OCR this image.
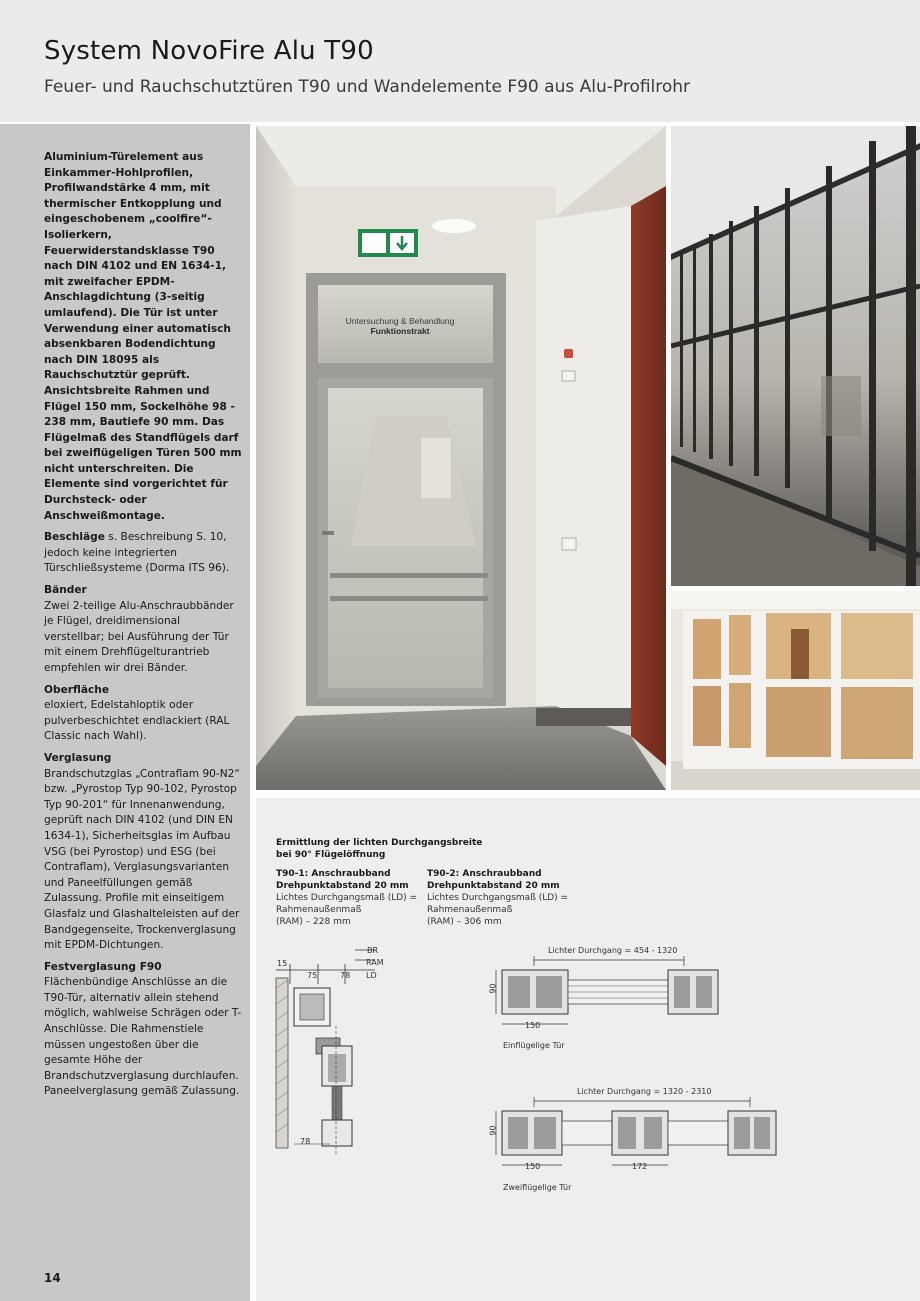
System NovoFire Alu T90
Feuer- und Rauchschutztüren T90 und Wandelemente F90 aus Alu-Profilrohr

Aluminium-Türelement aus Einkammer-Hohlprofilen, Profilwandstärke 4 mm, mit thermischer Entkopplung und eingeschobenem „coolfire“-Isolierkern, Feuerwiderstandsklasse T90 nach DIN 4102 und EN 1634-1, mit zweifacher EPDM-Anschlagdichtung (3-seitig umlaufend). Die Tür ist unter Verwendung einer automatisch absenkbaren Bodendichtung nach DIN 18095 als Rauchschutztür geprüft. Ansichtsbreite Rahmen und Flügel 150 mm, Sockelhöhe 98 - 238 mm, Bautiefe 90 mm. Das Flügelmaß des Standflügels darf bei zweiflügeligen Türen 500 mm nicht unterschreiten. Die Elemente sind vorgerichtet für Durchsteck- oder Anschweißmontage.

Beschläge s. Beschreibung S. 10, jedoch keine integrierten Türschließsysteme (Dorma ITS 96).

Bänder
Zwei 2-teilige Alu-Anschraubbänder je Flügel, dreidimensional verstellbar; bei Ausführung der Tür mit einem Drehflügelturantrieb empfehlen wir drei Bänder.

Oberfläche
eloxiert, Edelstahloptik oder pulverbeschichtet endlackiert (RAL Classic nach Wahl).

Verglasung
Brandschutzglas „Contraflam 90-N2“ bzw. „Pyrostop Typ 90-102, Pyrostop Typ 90-201“ für Innenanwendung, geprüft nach DIN 4102 (und DIN EN 1634-1), Sicherheitsglas im Aufbau VSG (bei Pyrostop) und ESG (bei Contraflam), Verglasungsvarianten und Paneelfüllungen gemäß Zulassung. Profile mit einseitigem Glasfalz und Glashalteleisten auf der Bandgegenseite, Trockenverglasung mit EPDM-Dichtungen.

Festverglasung F90
Flächenbündige Anschlüsse an die T90-Tür, alternativ allein stehend möglich, wahlweise Schrägen oder T-Anschlüsse. Die Rahmenstiele müssen ungestoßen über die gesamte Höhe der Brandschutzverglasung durchlaufen. Paneelverglasung gemäß Zulassung.

14
Untersuchung & Behandlung
Funktionstrakt
Ermittlung der lichten Durchgangsbreite
bei 90° Flügelöffnung
T90-1: Anschraubband
Drehpunktabstand 20 mm
Lichtes Durchgangsmaß (LD) =
Rahmenaußenmaß
(RAM) – 228 mm
T90-2: Anschraubband
Drehpunktabstand 20 mm
Lichtes Durchgangsmaß (LD) =
Rahmenaußenmaß
(RAM) – 306 mm
BR
RAM
15
75	78 LD
78
Lichter Durchgang = 454 - 1320
90
150
Einflügelige Tür
Lichter Durchgang = 1320 - 2310
90
150	172
Zweiflügelige Tür
